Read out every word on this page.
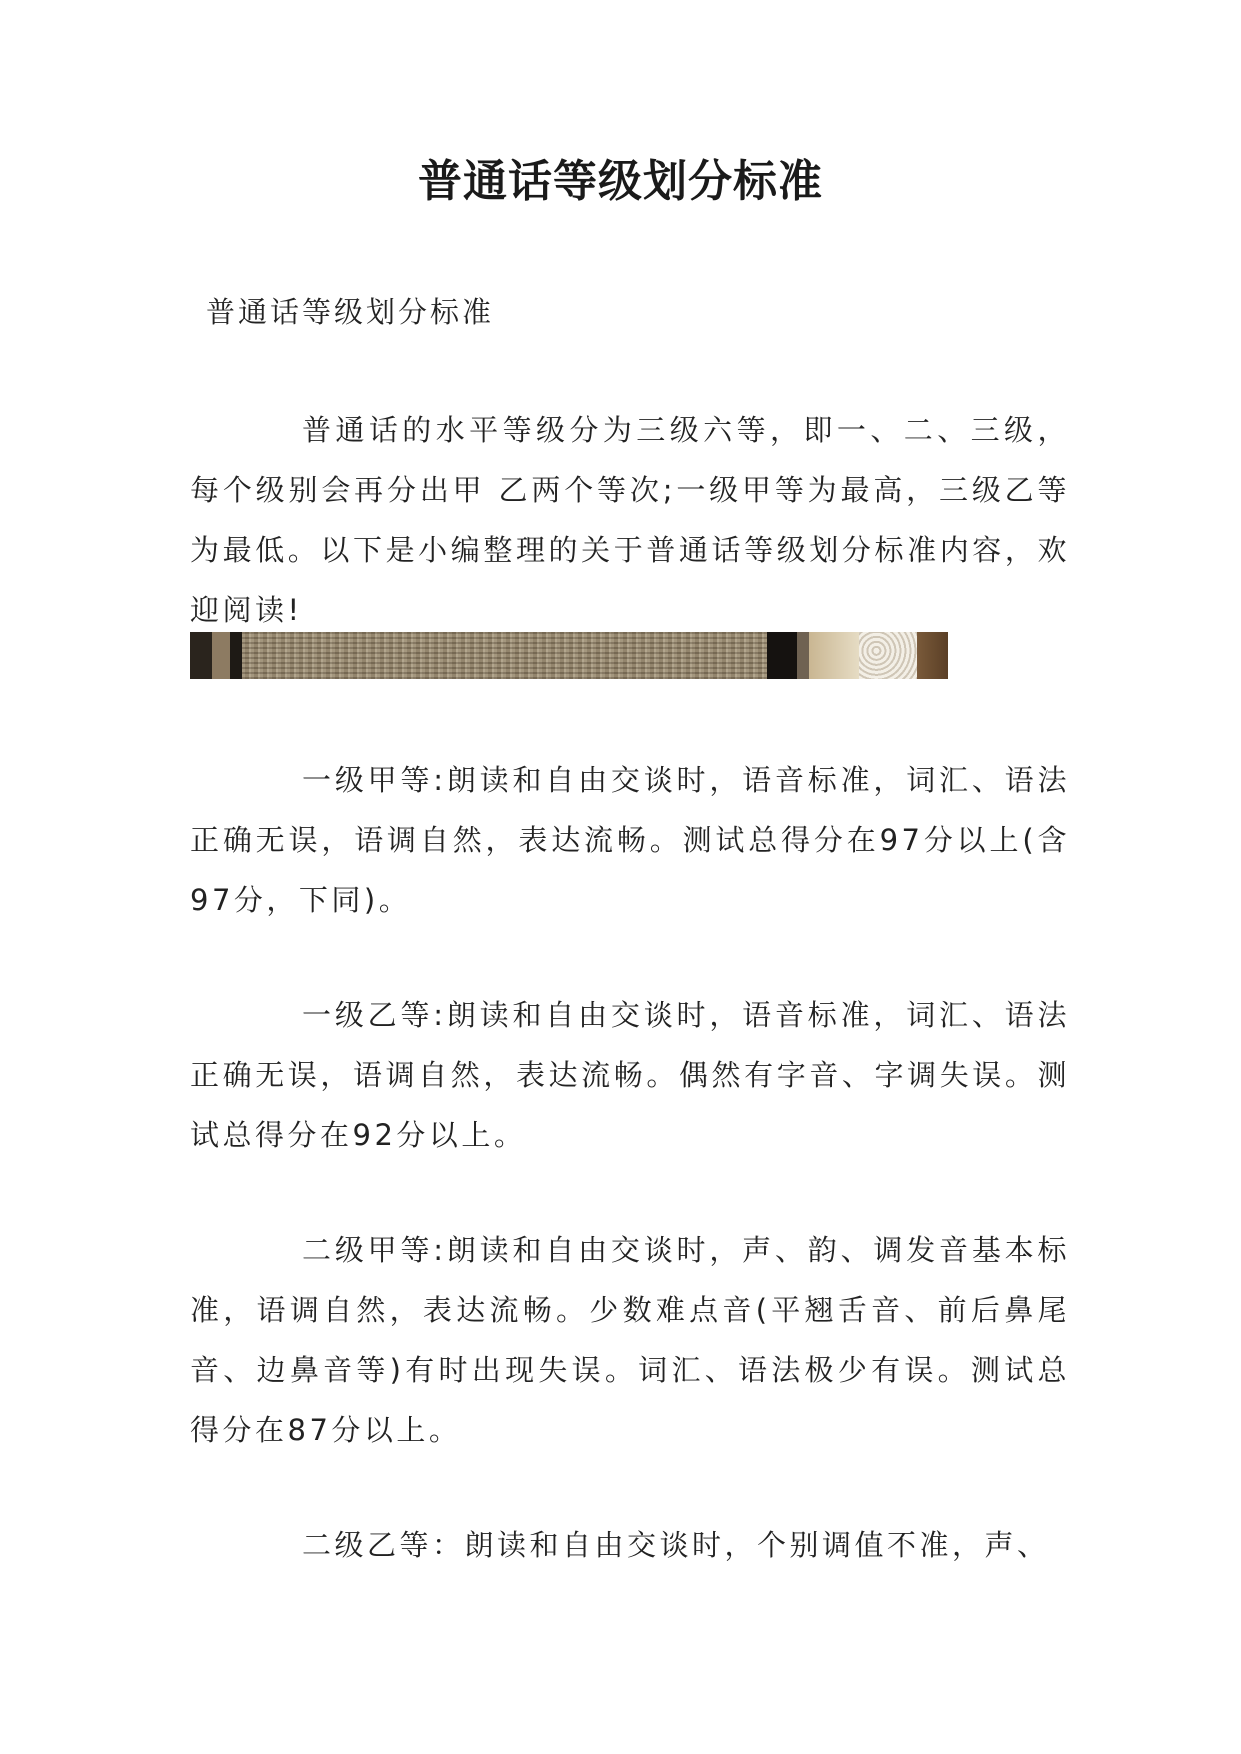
普通话等级划分标准

普通话等级划分标准

普通话的水平等级分为三级六等，即一、二、三级，每个级别会再分出甲 乙两个等次;一级甲等为最高，三级乙等为最低。以下是小编整理的关于普通话等级划分标准内容，欢迎阅读!

一级甲等:朗读和自由交谈时，语音标准，词汇、语法正确无误，语调自然，表达流畅。测试总得分在97分以上(含97分，下同)。

一级乙等:朗读和自由交谈时，语音标准，词汇、语法正确无误，语调自然，表达流畅。偶然有字音、字调失误。测试总得分在92分以上。

二级甲等:朗读和自由交谈时，声、韵、调发音基本标准，语调自然，表达流畅。少数难点音(平翘舌音、前后鼻尾音、边鼻音等)有时出现失误。词汇、语法极少有误。测试总得分在87分以上。

二级乙等：朗读和自由交谈时，个别调值不准，声、
